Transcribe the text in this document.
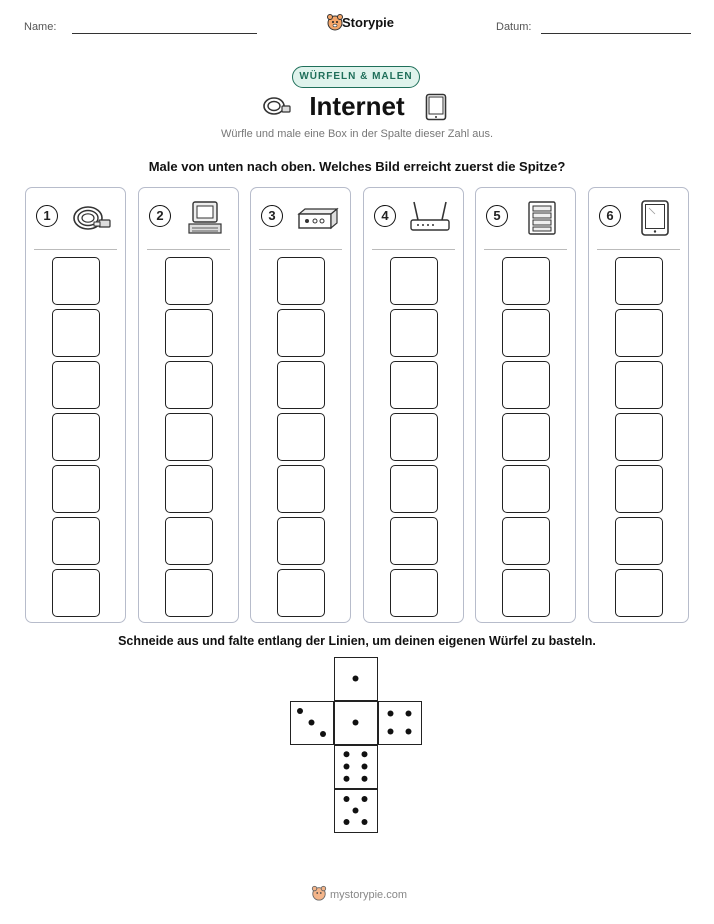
Name:	Storypie	Datum:
WÜRFELN & MALEN
Internet
Würfle und male eine Box in der Spalte dieser Zahl aus.
Male von unten nach oben. Welches Bild erreicht zuerst die Spitze?
1	2	3	4	5	6
Schneide aus und falte entlang der Linien, um deinen eigenen Würfel zu basteln.
mystorypie.com
